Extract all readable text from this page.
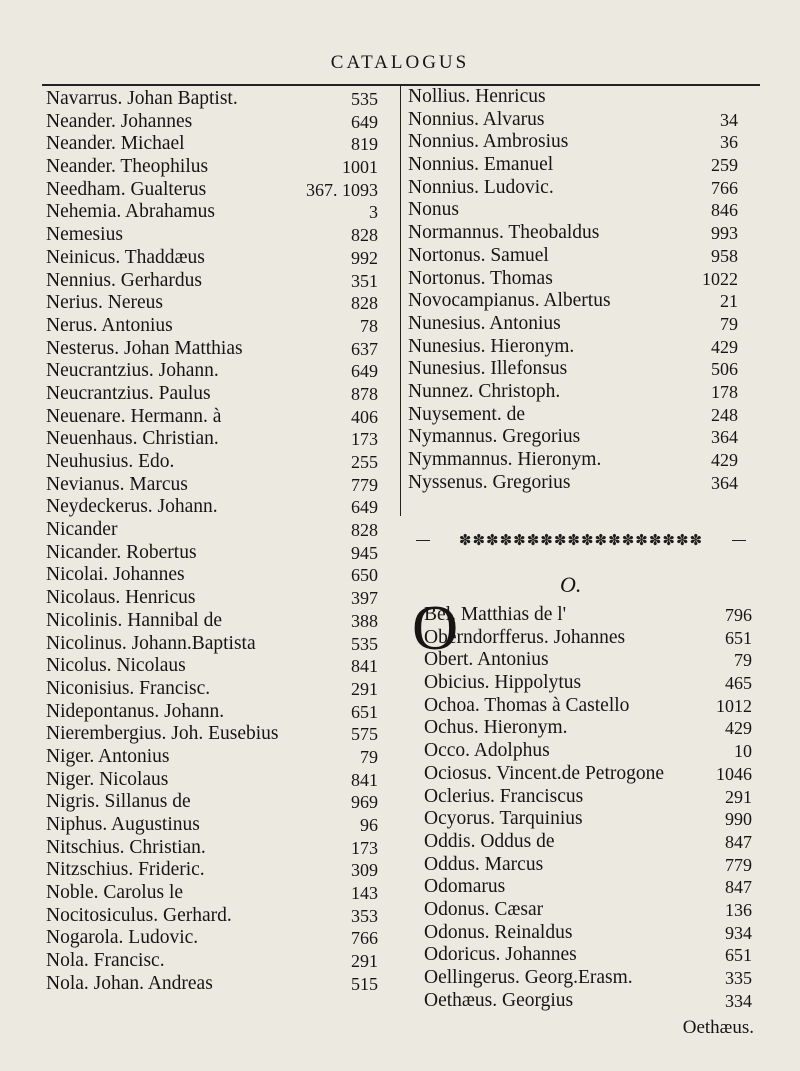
CATALOGUS
Navarrus. Johan Baptist.	535
Neander. Johannes	649
Neander. Michael	819
Neander. Theophilus	1001
Needham. Gualterus	367. 1093
Nehemia. Abrahamus	3
Nemesius	828
Neinicus. Thaddæus	992
Nennius. Gerhardus	351
Nerius. Nereus	828
Nerus. Antonius	78
Nesterus. Johan Matthias	637
Neucrantzius. Johann.	649
Neucrantzius. Paulus	878
Neuenare. Hermann. à	406
Neuenhaus. Christian.	173
Neuhusius. Edo.	255
Nevianus. Marcus	779
Neydeckerus. Johann.	649
Nicander	828
Nicander. Robertus	945
Nicolai. Johannes	650
Nicolaus. Henricus	397
Nicolinis. Hannibal de	388
Nicolinus. Johann.Baptista	535
Nicolus. Nicolaus	841
Niconisius. Francisc.	291
Nidepontanus. Johann.	651
Nierembergius. Joh. Eusebius	575
Niger. Antonius	79
Niger. Nicolaus	841
Nigris. Sillanus de	969
Niphus. Augustinus	96
Nitschius. Christian.	173
Nitzschius. Frideric.	309
Noble. Carolus le	143
Nocitosiculus. Gerhard.	353
Nogarola. Ludovic.	766
Nola. Francisc.	291
Nola. Johan. Andreas	515
Nollius. Henricus
Nonnius. Alvarus	34
Nonnius. Ambrosius	36
Nonnius. Emanuel	259
Nonnius. Ludovic.	766
Nonus	846
Normannus. Theobaldus	993
Nortonus. Samuel	958
Nortonus. Thomas	1022
Novocampianus. Albertus	21
Nunesius. Antonius	79
Nunesius. Hieronym.	429
Nunesius. Illefonsus	506
Nunnez. Christoph.	178
Nuysement. de	248
Nymannus. Gregorius	364
Nymmannus. Hieronym.	429
Nyssenus. Gregorius	364
✽✽✽✽✽✽✽✽✽✽✽✽✽✽✽✽✽✽
O.
O
Bel. Matthias de l'	796
Oberndorfferus. Johannes	651
Obert. Antonius	79
Obicius. Hippolytus	465
Ochoa. Thomas à Castello	1012
Ochus. Hieronym.	429
Occo. Adolphus	10
Ociosus. Vincent.de Petrogone	1046
Oclerius. Franciscus	291
Ocyorus. Tarquinius	990
Oddis. Oddus de	847
Oddus. Marcus	779
Odomarus	847
Odonus. Cæsar	136
Odonus. Reinaldus	934
Odoricus. Johannes	651
Oellingerus. Georg.Erasm.	335
Oethæus. Georgius	334
Oethæus.
